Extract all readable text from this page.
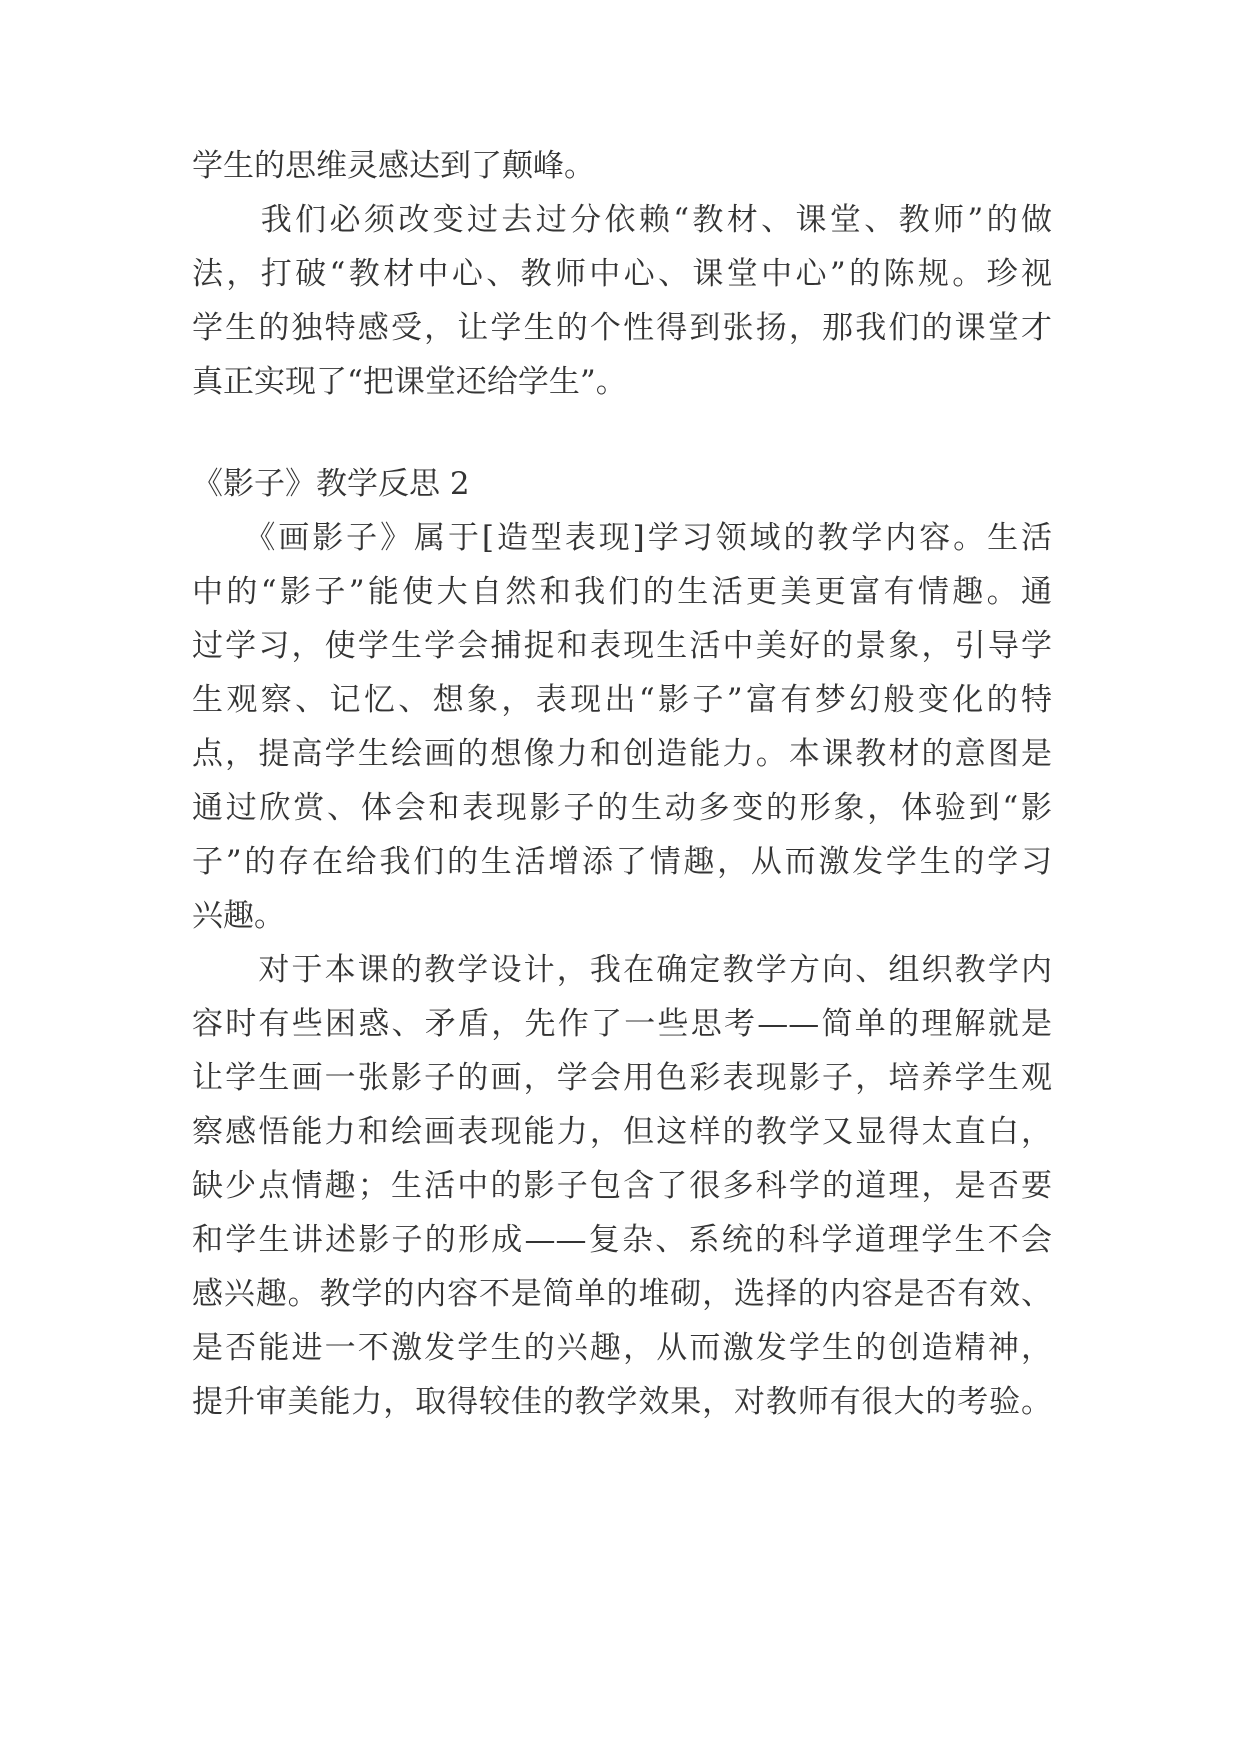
学生的思维灵感达到了颠峰。
　　我们必须改变过去过分依赖“教材、课堂、教师”的做
法，打破“教材中心、教师中心、课堂中心”的陈规。珍视
学生的独特感受，让学生的个性得到张扬，那我们的课堂才
真正实现了“把课堂还给学生”。
《影子》教学反思 2
　　《画影子》属于[造型表现]学习领域的教学内容。生活
中的“影子”能使大自然和我们的生活更美更富有情趣。通
过学习，使学生学会捕捉和表现生活中美好的景象，引导学
生观察、记忆、想象，表现出“影子”富有梦幻般变化的特
点，提高学生绘画的想像力和创造能力。本课教材的意图是
通过欣赏、体会和表现影子的生动多变的形象，体验到“影
子”的存在给我们的生活增添了情趣，从而激发学生的学习
兴趣。
　　对于本课的教学设计，我在确定教学方向、组织教学内
容时有些困惑、矛盾，先作了一些思考——简单的理解就是
让学生画一张影子的画，学会用色彩表现影子，培养学生观
察感悟能力和绘画表现能力，但这样的教学又显得太直白，
缺少点情趣；生活中的影子包含了很多科学的道理，是否要
和学生讲述影子的形成——复杂、系统的科学道理学生不会
感兴趣。教学的内容不是简单的堆砌，选择的内容是否有效、
是否能进一不激发学生的兴趣，从而激发学生的创造精神，
提升审美能力，取得较佳的教学效果，对教师有很大的考验。
